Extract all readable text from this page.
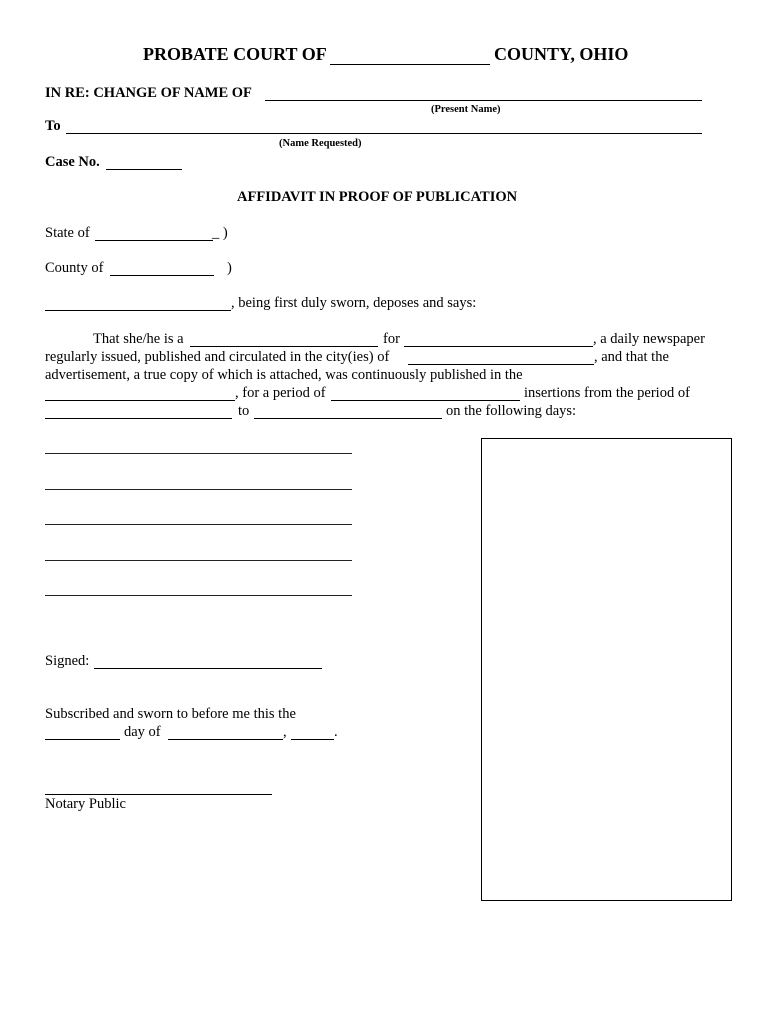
PROBATE COURT OF	COUNTY, OHIO
IN RE: CHANGE OF NAME OF
(Present Name)
To
(Name Requested)
Case No.
AFFIDAVIT IN PROOF OF PUBLICATION
State of	_ )
County of	)
, being first duly sworn, deposes and says:
That she/he is a	for	, a daily newspaper
regularly issued, published and circulated in the city(ies) of	, and that the
advertisement, a true copy of which is attached, was continuously published in the
, for a period of	insertions from the period of
to	on the following days:
Signed:
Subscribed and sworn to before me this the
day of	,	.
Notary Public
